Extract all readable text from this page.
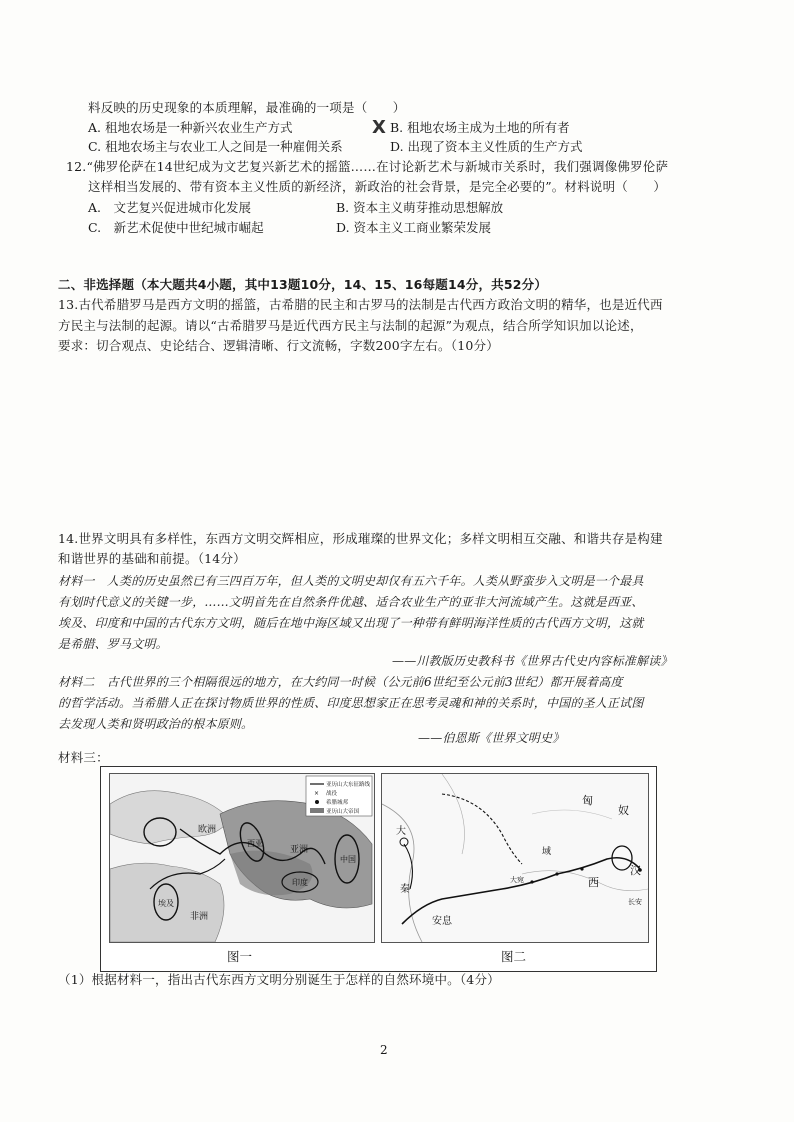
料反映的历史现象的本质理解，最准确的一项是（　　）
A. 租地农场是一种新兴农业生产方式	B. 租地农场主成为土地的所有者
X
C. 租地农场主与农业工人之间是一种雇佣关系	D. 出现了资本主义性质的生产方式
12.“佛罗伦萨在14世纪成为文艺复兴新艺术的摇篮……在讨论新艺术与新城市关系时，我们强调像佛罗伦萨
这样相当发展的、带有资本主义性质的新经济，新政治的社会背景，是完全必要的”。材料说明（　　）
A.　文艺复兴促进城市化发展	B. 资本主义萌芽推动思想解放
C.　新艺术促使中世纪城市崛起	D. 资本主义工商业繁荣发展
二、非选择题（本大题共4小题，其中13题10分，14、15、16每题14分，共52分）
13.古代希腊罗马是西方文明的摇篮，古希腊的民主和古罗马的法制是古代西方政治文明的精华，也是近代西
方民主与法制的起源。请以“古希腊罗马是近代西方民主与法制的起源”为观点，结合所学知识加以论述，
要求：切合观点、史论结合、逻辑清晰、行文流畅，字数200字左右。（10分）
14.世界文明具有多样性，东西方文明交辉相应，形成璀璨的世界文化；多样文明相互交融、和谐共存是构建
和谐世界的基础和前提。（14分）
材料一　人类的历史虽然已有三四百万年，但人类的文明史却仅有五六千年。人类从野蛮步入文明是一个最具
有划时代意义的关键一步，……文明首先在自然条件优越、适合农业生产的亚非大河流域产生。这就是西亚、
埃及、印度和中国的古代东方文明，随后在地中海区域又出现了一种带有鲜明海洋性质的古代西方文明，这就
是希腊、罗马文明。
——川教版历史教科书《世界古代史内容标准解读》
材料二　古代世界的三个相隔很远的地方，在大约同一时候（公元前6世纪至公元前3世纪）都开展着高度
的哲学活动。当希腊人正在探讨物质世界的性质、印度思想家正在思考灵魂和神的关系时，中国的圣人正试图
去发现人类和贤明政治的根本原则。
——伯恩斯《世界文明史》
材料三：
欧洲
西亚
亚洲
中国
埃及
非洲
印度
亚历山大东征路线
× 战役
希腊城邦
亚历山大帝国
匈
奴
西
域
汉
长安
安息
大
秦
大宛
图一	图二
（1）根据材料一，指出古代东西方文明分别诞生于怎样的自然环境中。（4分）
2
